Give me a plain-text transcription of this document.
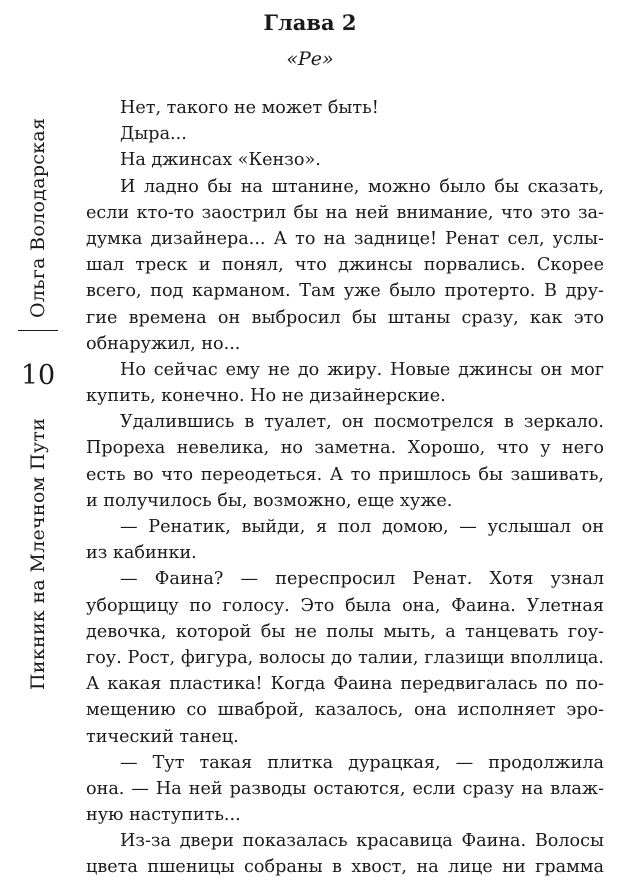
Глава 2
«Ре»
Ольга Володарская
10
Пикник на Млечном Пути
Нет, такого не может быть!
Дыра...
На джинсах «Кензо».
И ладно бы на штанине, можно было бы сказать,
если кто-то заострил бы на ней внимание, что это за-
думка дизайнера... А то на заднице! Ренат сел, услы-
шал треск и понял, что джинсы порвались. Скорее
всего, под карманом. Там уже было протерто. В дру-
гие времена он выбросил бы штаны сразу, как это
обнаружил, но...
Но сейчас ему не до жиру. Новые джинсы он мог
купить, конечно. Но не дизайнерские.
Удалившись в туалет, он посмотрелся в зеркало.
Прореха невелика, но заметна. Хорошо, что у него
есть во что переодеться. А то пришлось бы зашивать,
и получилось бы, возможно, еще хуже.
— Ренатик, выйди, я пол домою, — услышал он
из кабинки.
— Фаина? — переспросил Ренат. Хотя узнал
уборщицу по голосу. Это была она, Фаина. Улетная
девочка, которой бы не полы мыть, а танцевать гоу-
гоу. Рост, фигура, волосы до талии, глазищи вполлица.
А какая пластика! Когда Фаина передвигалась по по-
мещению со шваброй, казалось, она исполняет эро-
тический танец.
— Тут такая плитка дурацкая, — продолжила
она. — На ней разводы остаются, если сразу на влаж-
ную наступить...
Из-за двери показалась красавица Фаина. Волосы
цвета пшеницы собраны в хвост, на лице ни грамма
